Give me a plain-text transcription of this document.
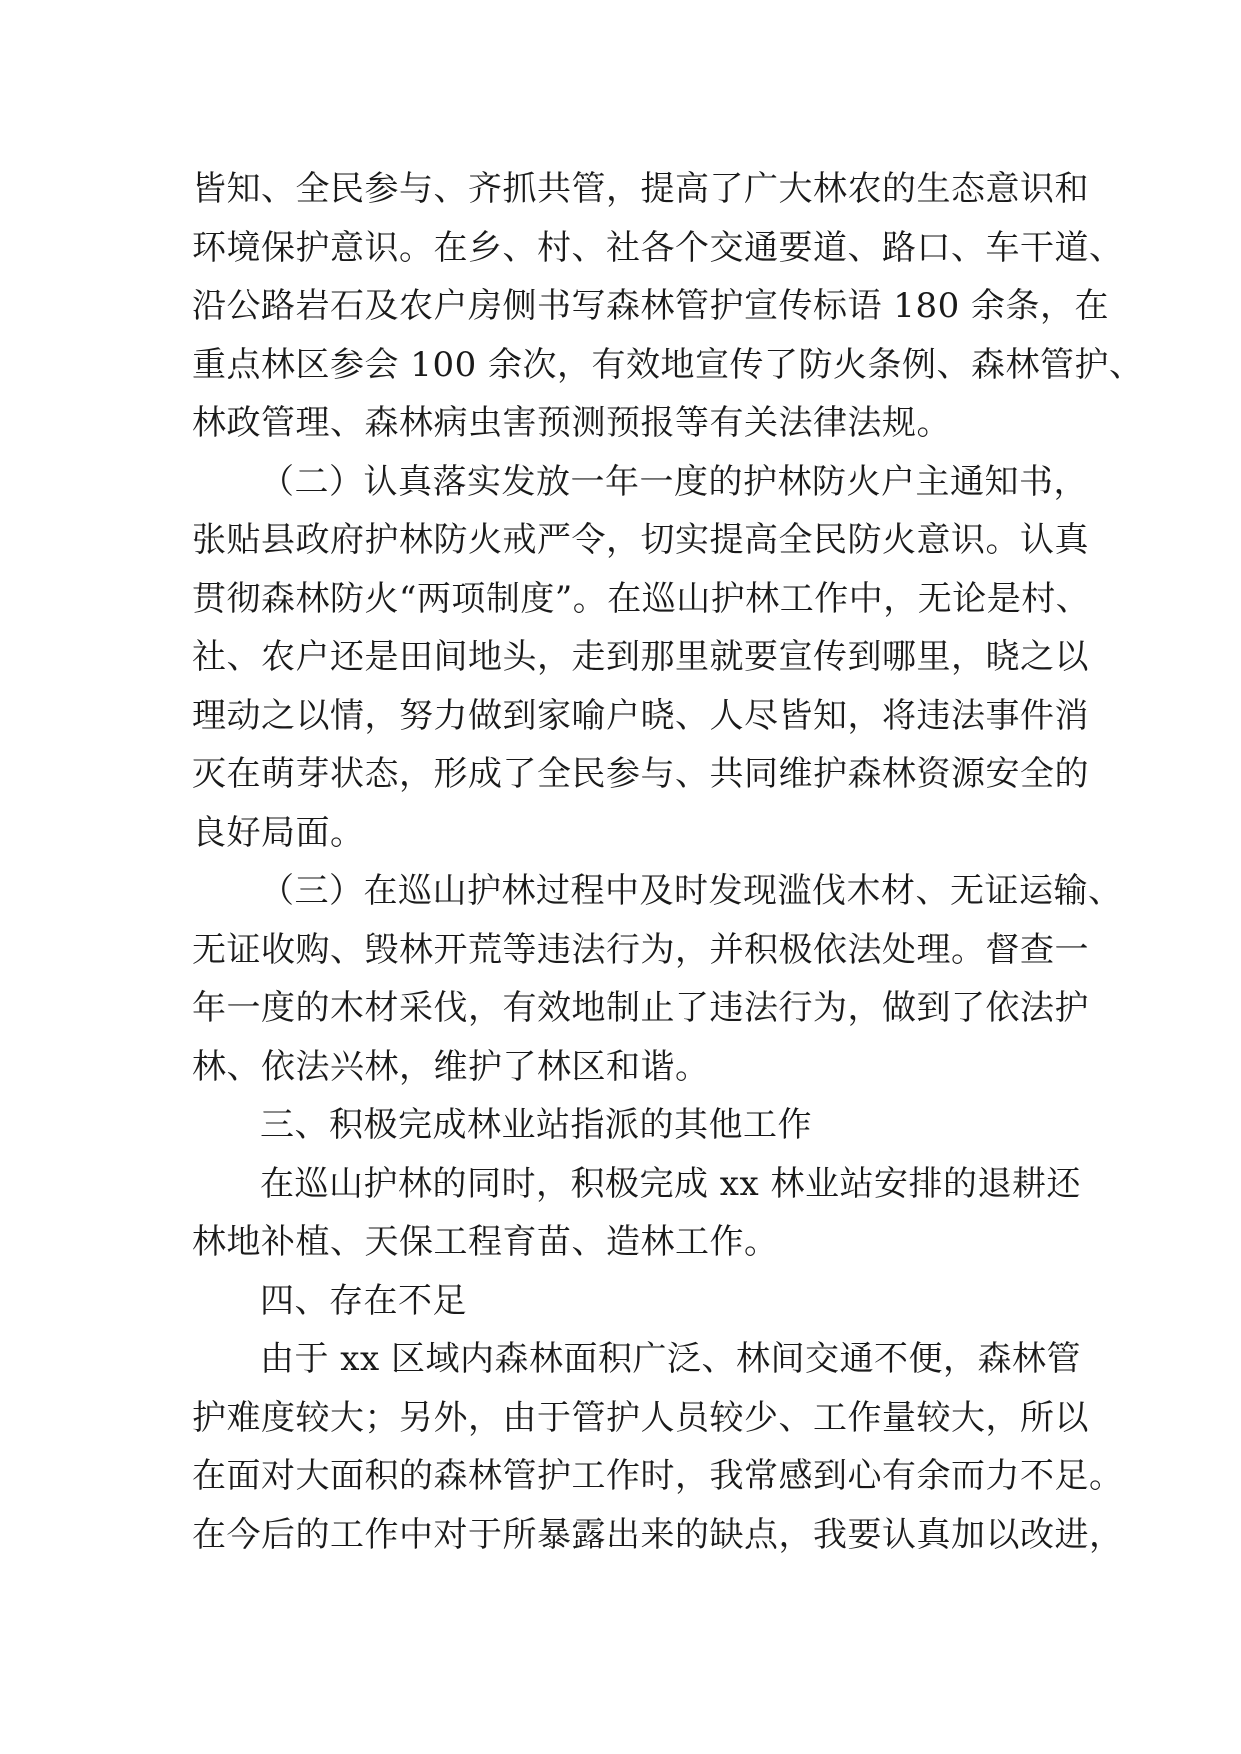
皆知、全民参与、齐抓共管，提高了广大林农的生态意识和
环境保护意识。在乡、村、社各个交通要道、路口、车干道、
沿公路岩石及农户房侧书写森林管护宣传标语 180 余条，在
重点林区参会 100 余次，有效地宣传了防火条例、森林管护、
林政管理、森林病虫害预测预报等有关法律法规。
（二）认真落实发放一年一度的护林防火户主通知书，
张贴县政府护林防火戒严令，切实提高全民防火意识。认真
贯彻森林防火“两项制度”。在巡山护林工作中，无论是村、
社、农户还是田间地头，走到那里就要宣传到哪里，晓之以
理动之以情，努力做到家喻户晓、人尽皆知，将违法事件消
灭在萌芽状态，形成了全民参与、共同维护森林资源安全的
良好局面。
（三）在巡山护林过程中及时发现滥伐木材、无证运输、
无证收购、毁林开荒等违法行为，并积极依法处理。督查一
年一度的木材采伐，有效地制止了违法行为，做到了依法护
林、依法兴林，维护了林区和谐。
三、积极完成林业站指派的其他工作
在巡山护林的同时，积极完成 xx 林业站安排的退耕还
林地补植、天保工程育苗、造林工作。
四、存在不足
由于 xx 区域内森林面积广泛、林间交通不便，森林管
护难度较大；另外，由于管护人员较少、工作量较大，所以
在面对大面积的森林管护工作时，我常感到心有余而力不足。
在今后的工作中对于所暴露出来的缺点，我要认真加以改进，
